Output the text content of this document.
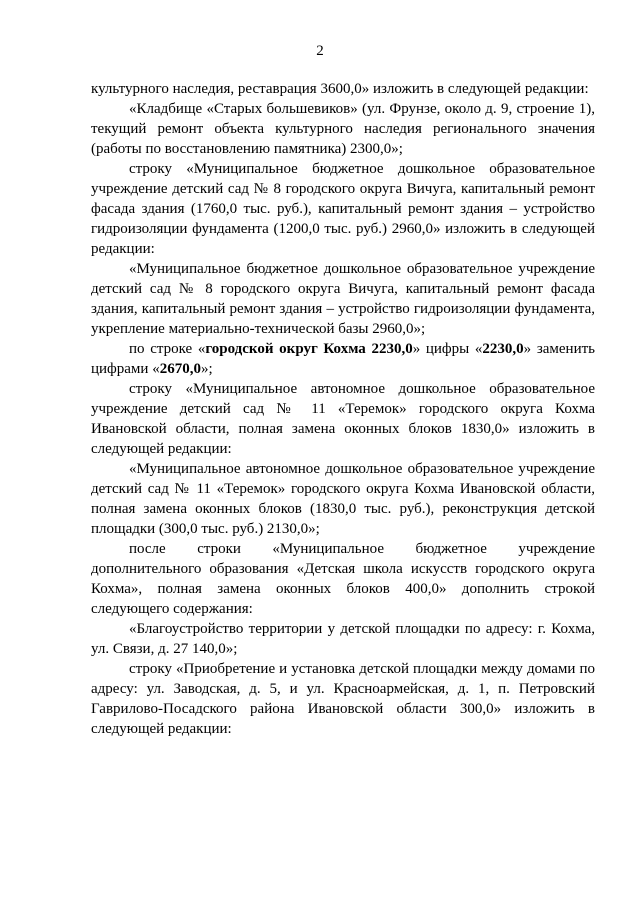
2

культурного наследия, реставрация 3600,0» изложить в следующей редакции:

«Кладбище «Старых большевиков» (ул. Фрунзе, около д. 9, строение 1), текущий ремонт объекта культурного наследия регионального значения (работы по восстановлению памятника) 2300,0»;

строку «Муниципальное бюджетное дошкольное образовательное учреждение детский сад № 8 городского округа Вичуга, капитальный ремонт фасада здания (1760,0 тыс. руб.), капитальный ремонт здания – устройство гидроизоляции фундамента (1200,0 тыс. руб.) 2960,0» изложить в следующей редакции:

«Муниципальное бюджетное дошкольное образовательное учреждение детский сад № 8 городского округа Вичуга, капитальный ремонт фасада здания, капитальный ремонт здания – устройство гидроизоляции фундамента, укрепление материально-технической базы 2960,0»;

по строке «городской округ Кохма 2230,0» цифры «2230,0» заменить цифрами «2670,0»;

строку «Муниципальное автономное дошкольное образовательное учреждение детский сад № 11 «Теремок» городского округа Кохма Ивановской области, полная замена оконных блоков 1830,0» изложить в следующей редакции:

«Муниципальное автономное дошкольное образовательное учреждение детский сад № 11 «Теремок» городского округа Кохма Ивановской области, полная замена оконных блоков (1830,0 тыс. руб.), реконструкция детской площадки (300,0 тыс. руб.) 2130,0»;

после строки «Муниципальное бюджетное учреждение дополнительного образования «Детская школа искусств городского округа Кохма», полная замена оконных блоков 400,0» дополнить строкой следующего содержания:

«Благоустройство территории у детской площадки по адресу: г. Кохма, ул. Связи, д. 27 140,0»;

строку «Приобретение и установка детской площадки между домами по адресу: ул. Заводская, д. 5, и ул. Красноармейская, д. 1, п. Петровский Гаврилово-Посадского района Ивановской области 300,0» изложить в следующей редакции:
